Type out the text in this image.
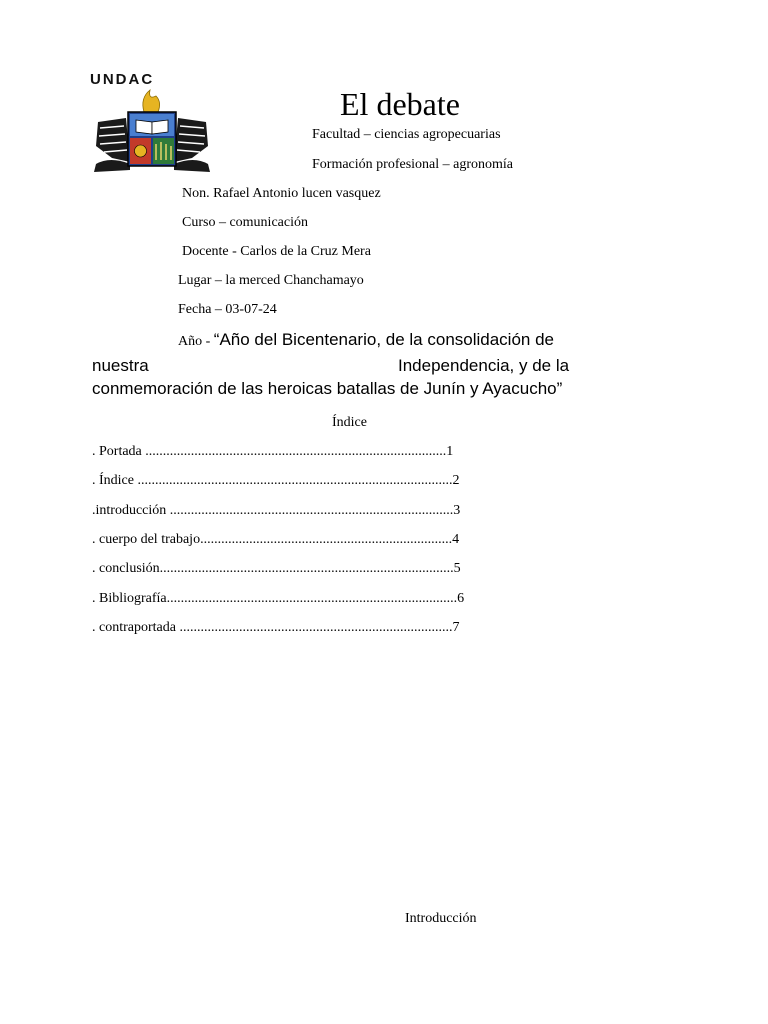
UNDAC
El debate
Facultad – ciencias agropecuarias
Formación profesional – agronomía
Non. Rafael Antonio lucen vasquez
Curso – comunicación
Docente - Carlos de la Cruz Mera
Lugar – la merced Chanchamayo
Fecha – 03-07-24
Año - “Año del Bicentenario, de la consolidación de
nuestra	Independencia, y de la
conmemoración de las heroicas batallas de Junín y Ayacucho”
Índice
. Portada ......................................................................................1
. Índice ..........................................................................................2
.introducción .................................................................................3
. cuerpo del trabajo........................................................................4
. conclusión....................................................................................5
. Bibliografía...................................................................................6
. contraportada ..............................................................................7
Introducción
